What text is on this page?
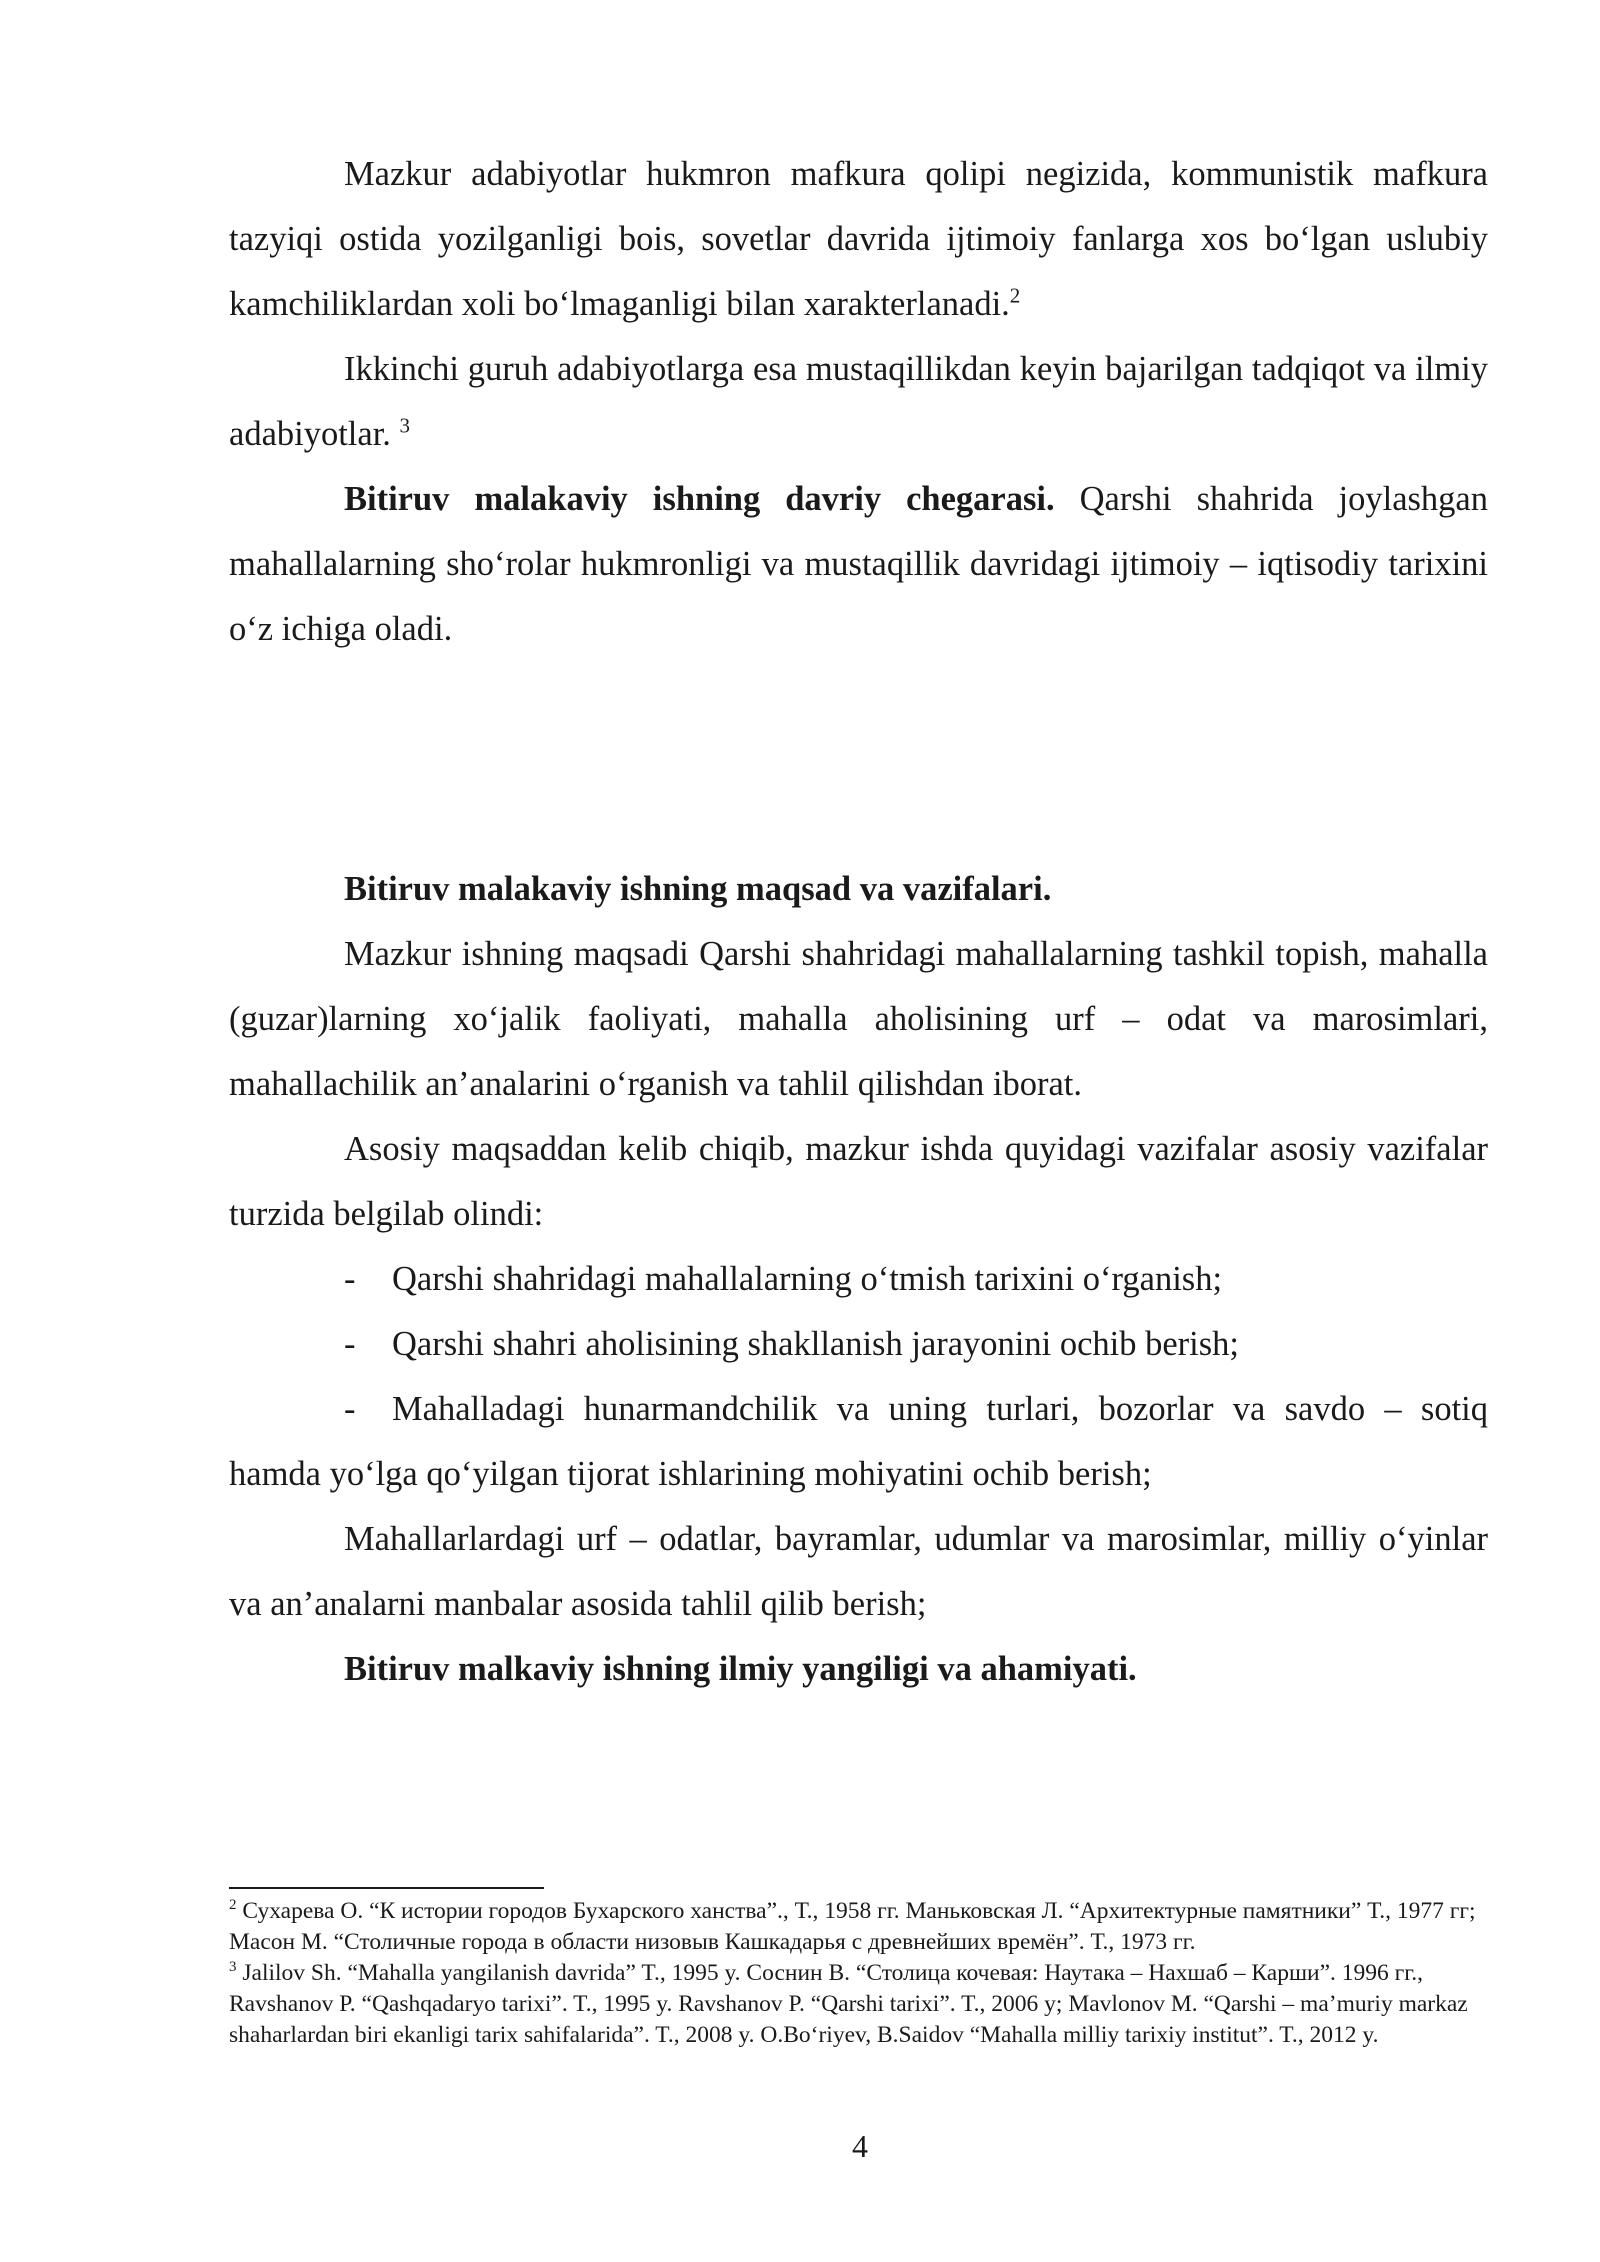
Mazkur adabiyotlar hukmron mafkura qolipi negizida, kommunistik mafkura tazyiqi ostida yozilganligi bois, sovetlar davrida ijtimoiy fanlarga xos bo‘lgan uslubiy kamchiliklardan xoli bo‘lmaganligi bilan xarakterlanadi.$^2$

Ikkinchi guruh adabiyotlarga esa mustaqillikdan keyin bajarilgan tadqiqot va ilmiy adabiyotlar. $^3$

Bitiruv malakaviy ishning davriy chegarasi. Qarshi shahrida joylashgan mahallalarning sho‘rolar hukmronligi va mustaqillik davridagi ijtimoiy – iqtisodiy tarixini o‘z ichiga oladi.

Bitiruv malakaviy ishning maqsad va vazifalari.

Mazkur ishning maqsadi Qarshi shahridagi mahallalarning tashkil topish, mahalla (guzar)larning xo‘jalik faoliyati, mahalla aholisining urf – odat va marosimlari, mahallachilik an’analarini o‘rganish va tahlil qilishdan iborat.

Asosiy maqsaddan kelib chiqib, mazkur ishda quyidagi vazifalar asosiy vazifalar turzida belgilab olindi:

- Qarshi shahridagi mahallalarning o‘tmish tarixini o‘rganish;

- Qarshi shahri aholisining shakllanish jarayonini ochib berish;

- Mahalladagi hunarmandchilik va uning turlari, bozorlar va savdo – sotiq hamda yo‘lga qo‘yilgan tijorat ishlarining mohiyatini ochib berish;

Mahallarlardagi urf – odatlar, bayramlar, udumlar va marosimlar, milliy o‘yinlar va an’analarni manbalar asosida tahlil qilib berish;

Bitiruv malkaviy ishning ilmiy yangiligi va ahamiyati.

$^2$ Сухарева О. “К истории городов Бухарского ханства”., Т., 1958 гг. Маньковская Л. “Архитектурные памятники” Т., 1977 гг; Масон М. “Столичные города в области низовыв Кашкадарья с древнейших времён”. Т., 1973 гг.

$^3$ Jalilov Sh. “Mahalla yangilanish davrida” T., 1995 y. Соснин В. “Столица кочевая: Наутака – Нахшаб – Карши”. 1996 гг., Ravshanov P. “Qashqadaryo tarixi”. T., 1995 y. Ravshanov P. “Qarshi tarixi”. T., 2006 y; Mavlonov M. “Qarshi – ma’muriy markaz shaharlardan biri ekanligi tarix sahifalarida”. T., 2008 y. O.Bo‘riyev, B.Saidov “Mahalla milliy tarixiy institut”. T., 2012 y.

4
